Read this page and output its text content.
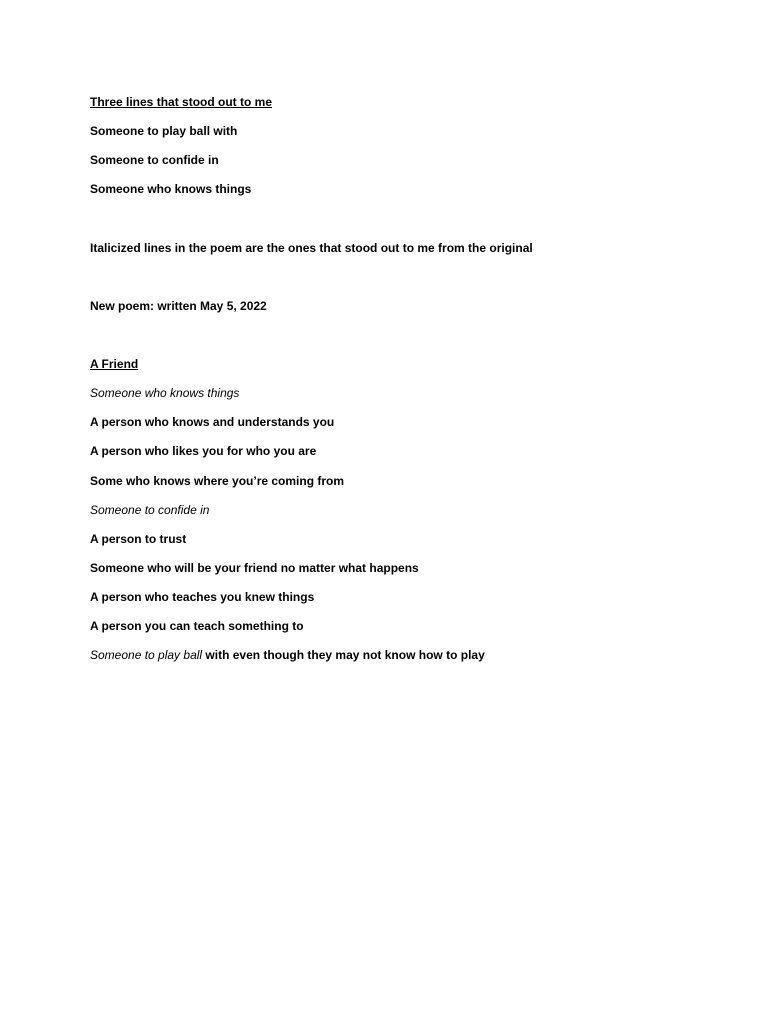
Three lines that stood out to me
Someone to play ball with
Someone to confide in
Someone who knows things
Italicized lines in the poem are the ones that stood out to me from the original
New poem: written May 5, 2022
A Friend
Someone who knows things
A person who knows and understands you
A person who likes you for who you are
Some who knows where you’re coming from
Someone to confide in
A person to trust
Someone who will be your friend no matter what happens
A person who teaches you knew things
A person you can teach something to
Someone to play ball with even though they may not know how to play
